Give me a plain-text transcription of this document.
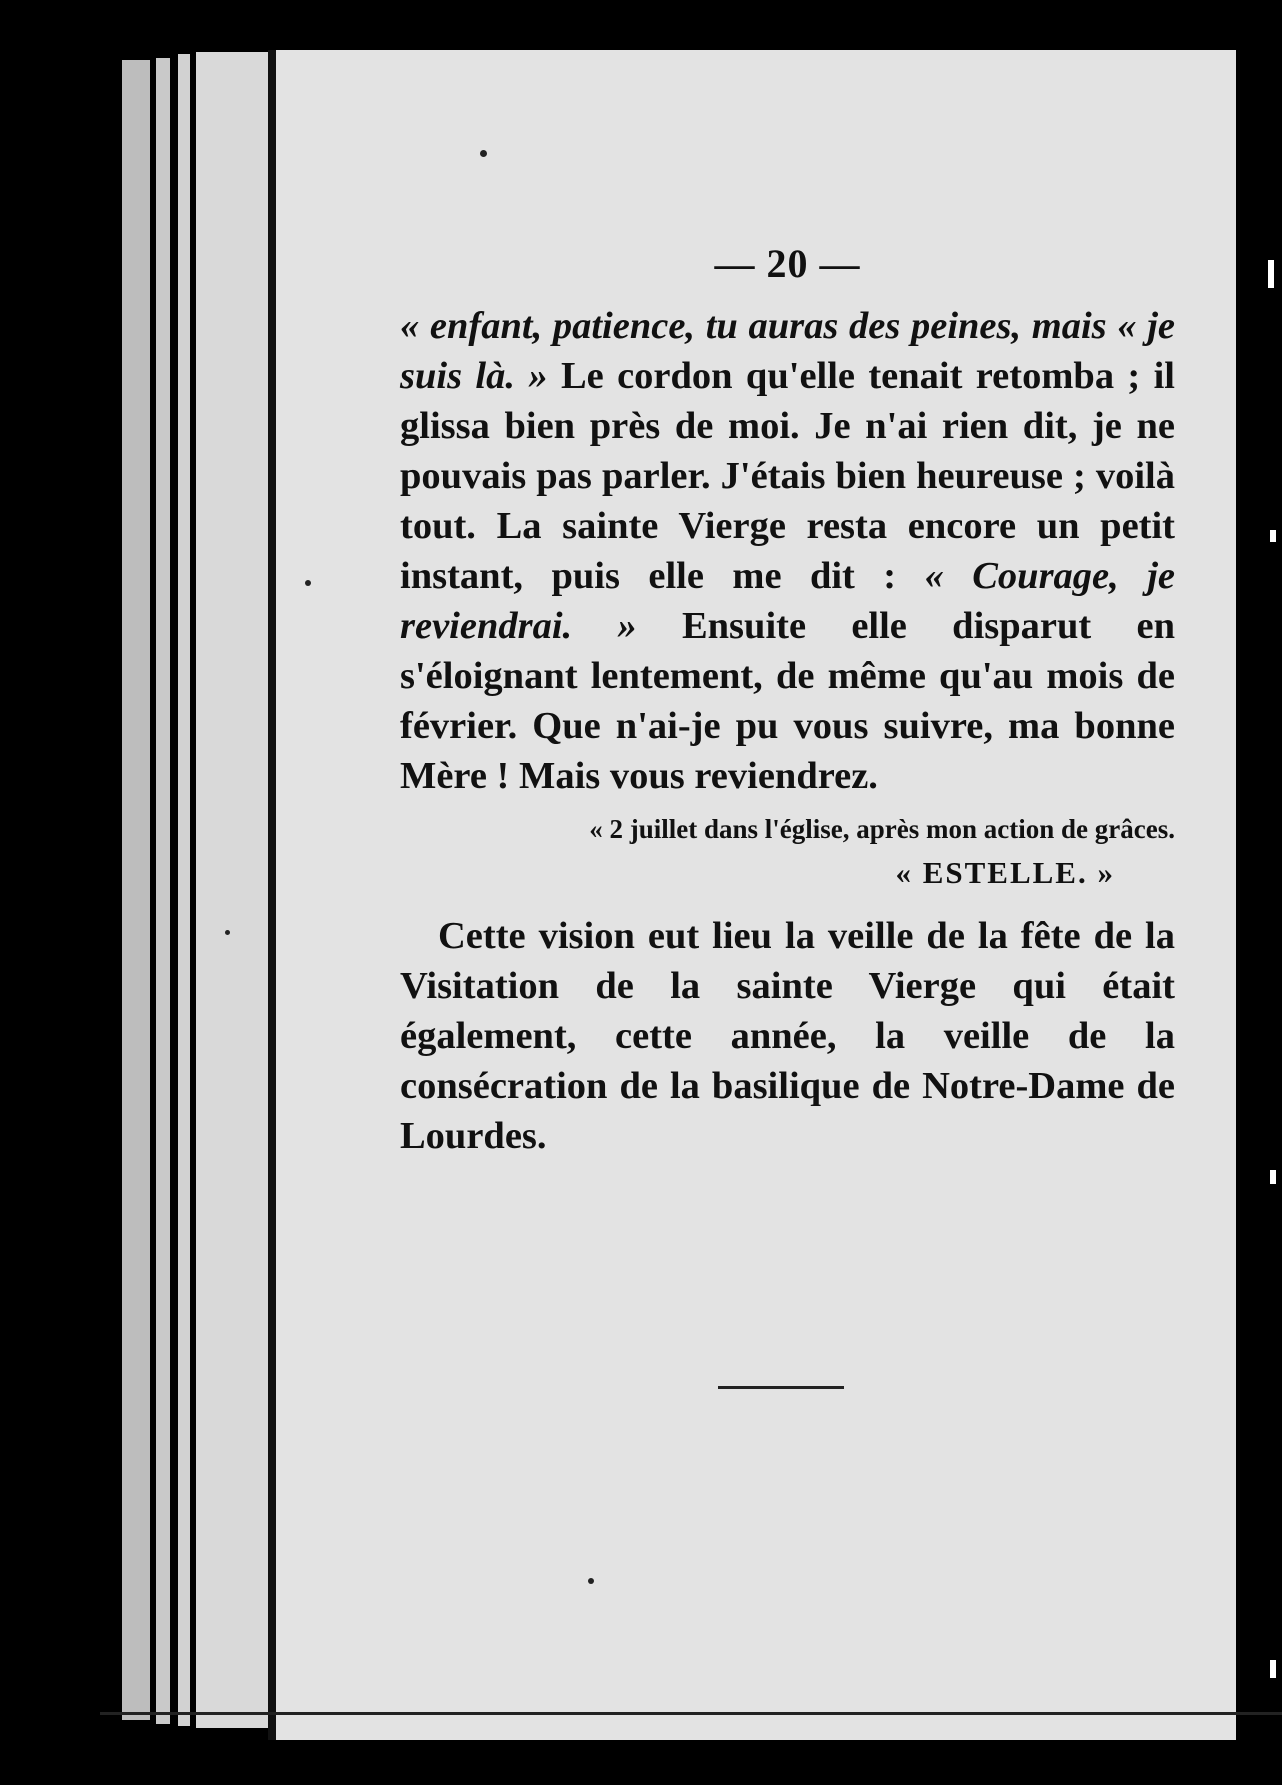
— 20 —

« enfant, patience, tu auras des peines, mais « je suis là. » Le cordon qu'elle tenait retomba ; il glissa bien près de moi. Je n'ai rien dit, je ne pouvais pas parler. J'étais bien heureuse ; voilà tout. La sainte Vierge resta encore un petit instant, puis elle me dit : « Courage, je reviendrai. » Ensuite elle disparut en s'éloignant lentement, de même qu'au mois de février. Que n'ai-je pu vous suivre, ma bonne Mère ! Mais vous reviendrez.

« 2 juillet dans l'église, après mon action de grâces.
« ESTELLE. »

Cette vision eut lieu la veille de la fête de la Visitation de la sainte Vierge qui était également, cette année, la veille de la consécration de la basilique de Notre-Dame de Lourdes.
